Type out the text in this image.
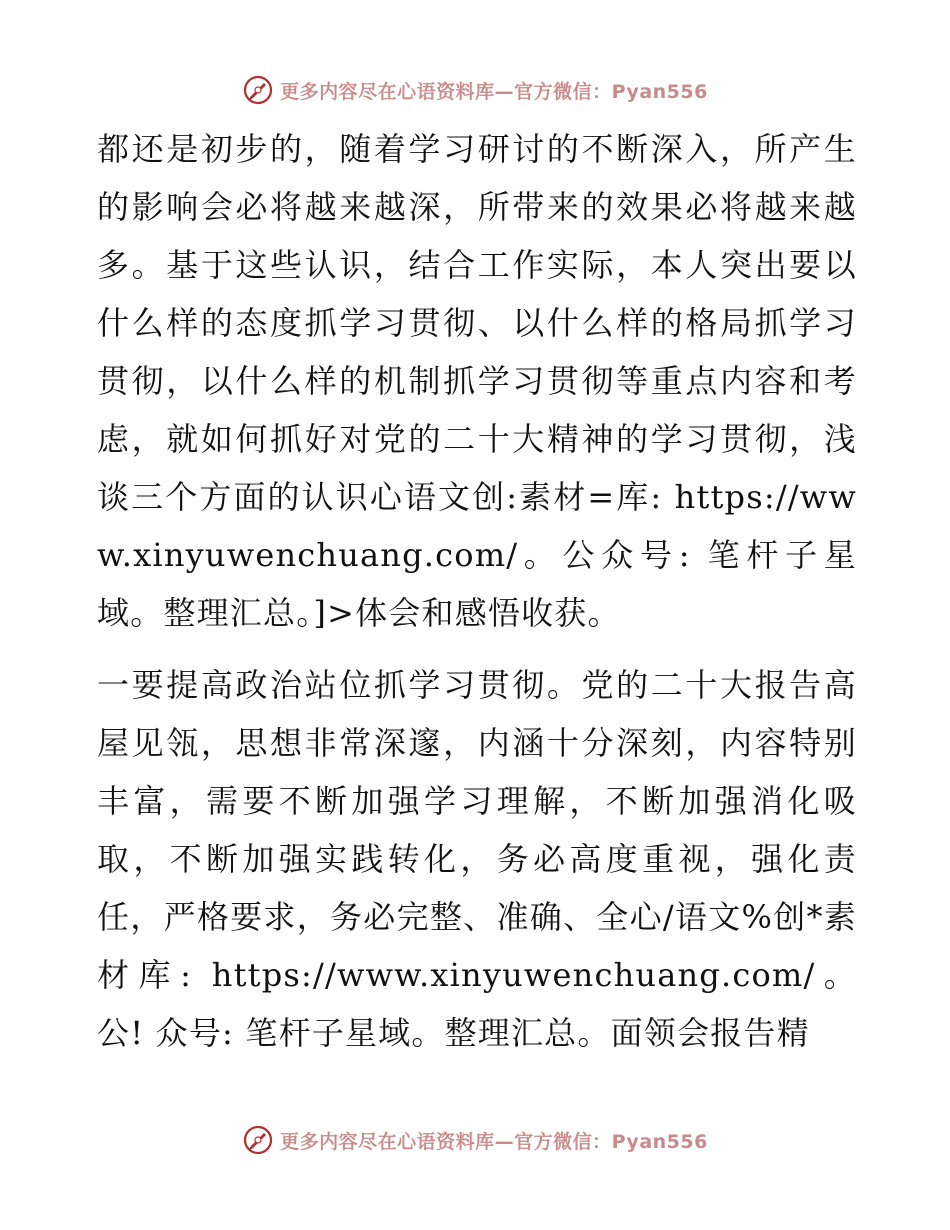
更多内容尽在心语资料库—官方微信：Pyan556

都还是初步的，随着学习研讨的不断深入，所产生的影响会必将越来越深，所带来的效果必将越来越多。基于这些认识，结合工作实际，本人突出要以什么样的态度抓学习贯彻、以什么样的格局抓学习贯彻，以什么样的机制抓学习贯彻等重点内容和考虑，就如何抓好对党的二十大精神的学习贯彻，浅谈三个方面的认识心语文创:素材=库: https://www.xinyuwenchuang.com/。公众号: 笔杆子星域。整理汇总。]>体会和感悟收获。

一要提高政治站位抓学习贯彻。党的二十大报告高屋见瓴，思想非常深邃，内涵十分深刻，内容特别丰富，需要不断加强学习理解，不断加强消化吸取，不断加强实践转化，务必高度重视，强化责任，严格要求，务必完整、准确、全心/语文%创*素材库: https://www.xinyuwenchuang.com/。公! 众号: 笔杆子星域。整理汇总。面领会报告精

更多内容尽在心语资料库—官方微信：Pyan556
